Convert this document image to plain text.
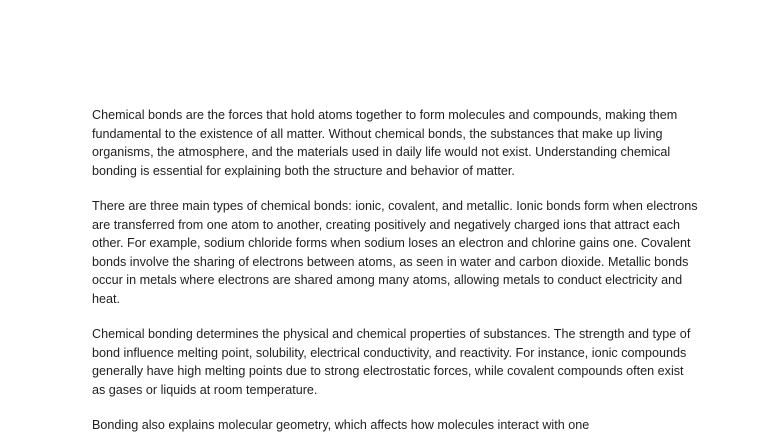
Chemical bonds are the forces that hold atoms together to form molecules and compounds, making them fundamental to the existence of all matter. Without chemical bonds, the substances that make up living organisms, the atmosphere, and the materials used in daily life would not exist. Understanding chemical bonding is essential for explaining both the structure and behavior of matter.

There are three main types of chemical bonds: ionic, covalent, and metallic. Ionic bonds form when electrons are transferred from one atom to another, creating positively and negatively charged ions that attract each other. For example, sodium chloride forms when sodium loses an electron and chlorine gains one. Covalent bonds involve the sharing of electrons between atoms, as seen in water and carbon dioxide. Metallic bonds occur in metals where electrons are shared among many atoms, allowing metals to conduct electricity and heat.

Chemical bonding determines the physical and chemical properties of substances. The strength and type of bond influence melting point, solubility, electrical conductivity, and reactivity. For instance, ionic compounds generally have high melting points due to strong electrostatic forces, while covalent compounds often exist as gases or liquids at room temperature.

Bonding also explains molecular geometry, which affects how molecules interact with one
